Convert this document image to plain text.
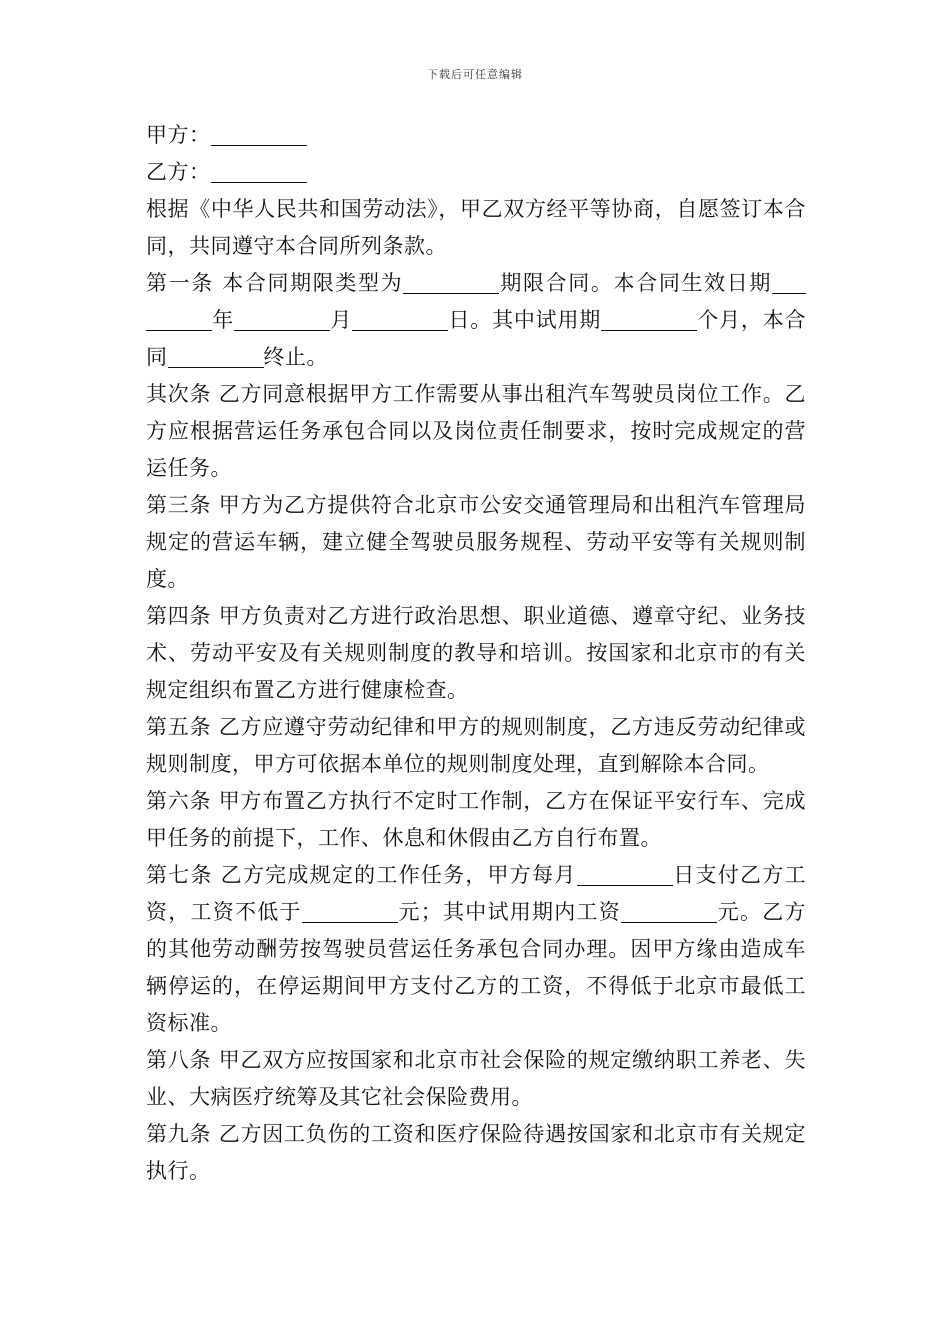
下载后可任意编辑

甲方：

乙方：

根据《中华人民共和国劳动法》，甲乙双方经平等协商，自愿签订本合同，共同遵守本合同所列条款。

第一条 本合同期限类型为	期限合同。本合同生效日期年	月	日。其中试用期	个月，本合同	终止。

其次条 乙方同意根据甲方工作需要从事出租汽车驾驶员岗位工作。乙方应根据营运任务承包合同以及岗位责任制要求，按时完成规定的营运任务。

第三条 甲方为乙方提供符合北京市公安交通管理局和出租汽车管理局规定的营运车辆，建立健全驾驶员服务规程、劳动平安等有关规则制度。

第四条 甲方负责对乙方进行政治思想、职业道德、遵章守纪、业务技术、劳动平安及有关规则制度的教导和培训。按国家和北京市的有关规定组织布置乙方进行健康检查。

第五条 乙方应遵守劳动纪律和甲方的规则制度，乙方违反劳动纪律或规则制度，甲方可依据本单位的规则制度处理，直到解除本合同。

第六条 甲方布置乙方执行不定时工作制，乙方在保证平安行车、完成甲任务的前提下，工作、休息和休假由乙方自行布置。

第七条 乙方完成规定的工作任务，甲方每月	日支付乙方工资，工资不低于	元；其中试用期内工资	元。乙方的其他劳动酬劳按驾驶员营运任务承包合同办理。因甲方缘由造成车辆停运的，在停运期间甲方支付乙方的工资，不得低于北京市最低工资标准。

第八条 甲乙双方应按国家和北京市社会保险的规定缴纳职工养老、失业、大病医疗统筹及其它社会保险费用。

第九条 乙方因工负伤的工资和医疗保险待遇按国家和北京市有关规定执行。
